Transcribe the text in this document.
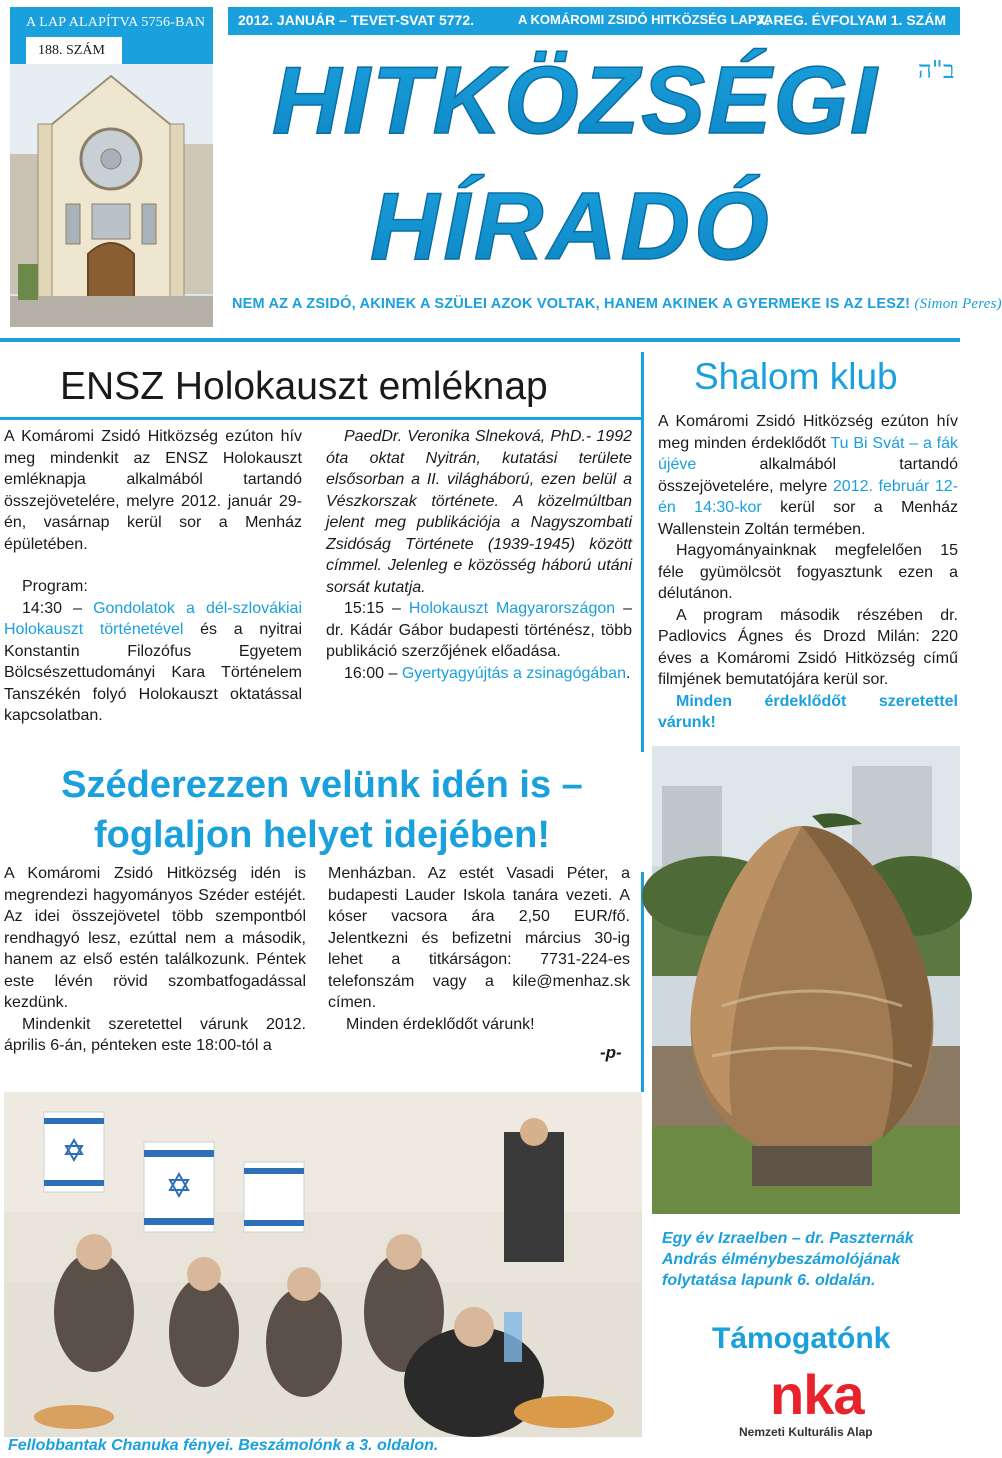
A LAP ALAPÍTVA 5756-BAN
188. SZÁM
2012. JANUÁR – TEVET-SVAT 5772.	A KOMÁROMI ZSIDÓ HITKÖZSÉG LAPJA
X. REG. ÉVFOLYAM 1. SZÁM
HITKÖZSÉGI
HÍRADÓ
ב"ה
NEM AZ A ZSIDÓ, AKINEK A SZÜLEI AZOK VOLTAK, HANEM AKINEK A GYERMEKE IS AZ LESZ! (Simon Peres)
ENSZ Holokauszt emléknap

A Komáromi Zsidó Hitközség ezúton hív meg mindenkit az ENSZ Holokauszt emléknapja alkalmából tartandó összejövetelére, melyre 2012. január 29-én, vasárnap kerül sor a Menház épületében.

Program:

14:30 – Gondolatok a dél-szlovákiai Holokauszt történetével és a nyitrai Konstantin Filozófus Egyetem Bölcsészettudományi Kara Történelem Tanszékén folyó Holokauszt oktatással kapcsolatban.

PaedDr. Veronika Slneková, PhD.- 1992 óta oktat Nyitrán, kutatási területe elsősorban a II. világháború, ezen belül a Vészkorszak története. A közelmúltban jelent meg publikációja a Nagyszombati Zsidóság Története (1939-1945) között címmel. Jelenleg e közösség háború utáni sorsát kutatja.

15:15 – Holokauszt Magyarországon – dr. Kádár Gábor budapesti történész, több publikáció szerzőjének előadása.

16:00 – Gyertyagyújtás a zsinagógában.

Shalom klub

A Komáromi Zsidó Hitközség ezúton hív meg minden érdeklődőt Tu Bi Svát – a fák újéve alkalmából tartandó összejövetelére, melyre 2012. február 12-én 14:30-kor kerül sor a Menház Wallenstein Zoltán termében.

Hagyományainknak megfelelően 15 féle gyümölcsöt fogyasztunk ezen a délutánon.

A program második részében dr. Padlovics Ágnes és Drozd Milán: 220 éves a Komáromi Zsidó Hitközség című filmjének bemutatójára kerül sor.

Minden érdeklődőt szeretettel várunk!

Széderezzen velünk idén is –
foglaljon helyet idejében!

A Komáromi Zsidó Hitközség idén is megrendezi hagyományos Széder estéjét. Az idei összejövetel több szempontból rendhagyó lesz, ezúttal nem a második, hanem az első estén találkozunk. Péntek este lévén rövid szombatfogadással kezdünk.

Mindenkit szeretettel várunk 2012. április 6-án, pénteken este 18:00-tól a

Menházban. Az estét Vasadi Péter, a budapesti Lauder Iskola tanára vezeti. A kóser vacsora ára 2,50 EUR/fő. Jelentkezni és befizetni március 30-ig lehet a titkárságon: 7731-224-es telefonszám vagy a kile@menhaz.sk címen.

Minden érdeklődőt várunk!

-p-
Egy év Izraelben – dr. Paszternák András élménybeszámolójának folytatása lapunk 6. oldalán.
Fellobbantak Chanuka fényei. Beszámolónk a 3. oldalon.
Támogatónk
nka
Nemzeti Kulturális Alap
